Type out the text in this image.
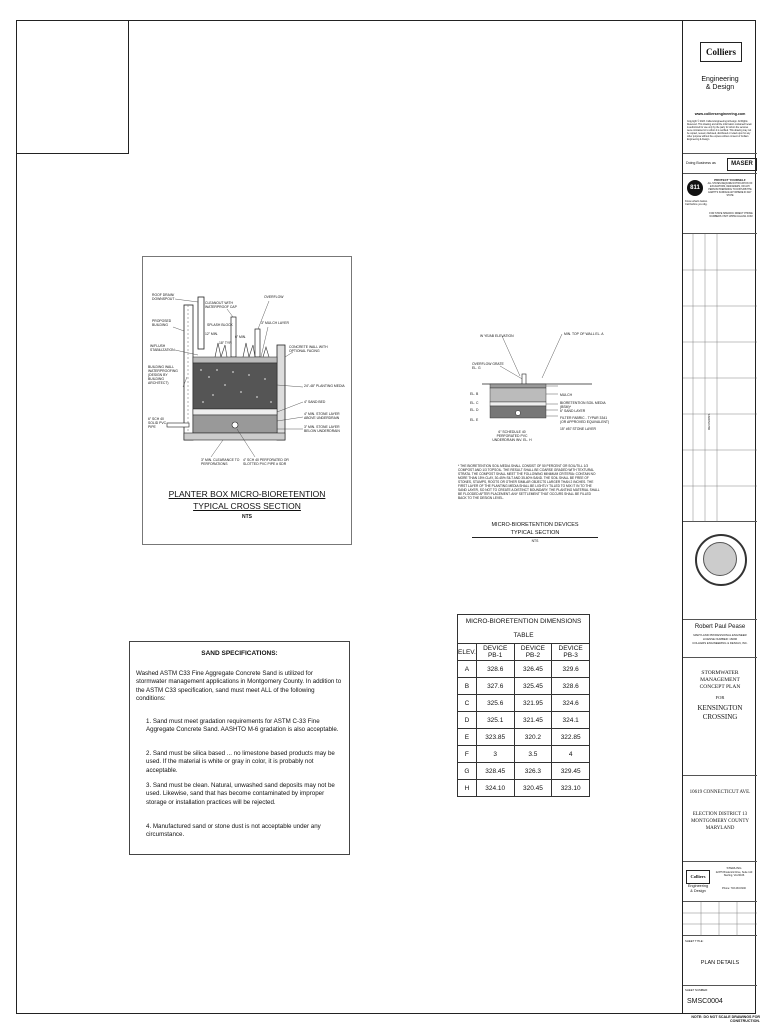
ROOF DRAIN/ DOWNSPOUT
CLEANOUT WITH WATERPROOF CAP
OVERFLOW
PROPOSED BUILDING	SPLASH BLOCK	3" MULCH LAYER
W/FLUSH STABILIZATION
CONCRETE WALL WITH OPTIONAL FACING
BUILDING WALL WATERPROOFING (DESIGN BY BUILDING ARCHITECT)
24"-48" PLANTING MEDIA
4" SAND BED
4" MIN. STONE LAYER ABOVE UNDERDRAIN
6" SCH 40 SOLID PVC PIPE	3" MIN. STONE LAYER BELOW UNDERDRAIN
3" MIN. CLEARANCE TO PERFORATIONS
4" SCH 40 PERFORATED OR SLOTTED PVC PIPE # SDR
12" MIN.
6" MIN.
18" TYP.
PLANTER BOX MICRO-BIORETENTION
TYPICAL CROSS SECTION
NTS
W YE/AB ELEVATION	MIN. TOP OF WALL EL. A
OVERFLOW GRATE EL. G
EL. B
EL. C
EL. D
EL. E
MULCH
BIORETENTION SOIL MEDIA (BSM)*
6" SAND LAYER
FILTER FABRIC - TYPAR 3341 (OR APPROVED EQUIVALENT)
15" #57 STONE LAYER
6" SCHEDULE 40 PERFORATED PVC UNDERDRAIN INV. EL. H
* THE BIORETENTION SOIL MEDIA SHALL CONSIST OF 50 PERCENT OR SOIL/TILL 1/3 COMPOST AND 1/3 TOPSOIL. THE RESULT SHALL BE COARSE GRADED WITH TEXTURAL STRATA. THE COMPOST SHALL MEET THE FOLLOWING MINIMUM CRITERIA: CONTAIN NO MORE THAN 15% CLAY, 30-45% SILT AND 35-60% SAND. THE SOIL SHALL BE FREE OF STONES, STUMPS, ROOTS OR OTHER SIMILAR OBJECTS LARGER THAN 2 INCHES. THE FIRST LAYER OF THE PLANTING MEDIA SHALL BE LIGHTLY TILLED TO MIX IT IN TO THE SAND LAYER, SO NOT TO CREATE A DISTINCT BOUNDARY. THE PLANTING MATERIAL SHALL BE FLOODED AFTER PLACEMENT. ANY SETTLEMENT THAT OCCURS SHALL BE FILLED BACK TO THE DESIGN LEVEL.
MICRO-BIORETENTION DEVICES
TYPICAL SECTION
NTS
MICRO-BIORETENTION DIMENSIONS TABLE
ELEV.	DEVICE PB-1	DEVICE PB-2	DEVICE PB-3
A	328.6	326.45	329.6
B	327.6	325.45	328.6
C	325.6	321.95	324.6
D	325.1	321.45	324.1
E	323.85	320.2	322.85
F	3	3.5	4
G	328.45	326.3	329.45
H	324.10	320.45	323.10
SAND SPECIFICATIONS:
Washed ASTM C33 Fine Aggregate Concrete Sand is utilized for stormwater management applications in Montgomery County. In addition to the ASTM C33 specification, sand must meet ALL of the following conditions:
1. Sand must meet gradation requirements for ASTM C-33 Fine Aggregate Concrete Sand. AASHTO M-6 gradation is also acceptable.
2. Sand must be silica based ... no limestone based products may be used. If the material is white or gray in color, it is probably not acceptable.
3. Sand must be clean. Natural, unwashed sand deposits may not be used. Likewise, sand that has become contaminated by improper storage or installation practices will be rejected.
4. Manufactured sand or stone dust is not acceptable under any circumstance.
Colliers
Engineering
& Design
www.colliersengineering.com
Copyright © 2023. Colliers Engineering & Design. All Rights Reserved. This drawing and all the information contained herein is authorized for use only by the party for whom the services were contracted or to whom it is certified. This drawing may not be copied, reused, disclosed, distributed or relied upon for any other purpose without the express written consent of Colliers Engineering & Design.
Doing Business as	MASER
811
PROTECT YOURSELF
ALL STATES REQUIRE NOTIFICATION OF EXCAVATORS, DESIGNERS, OR ANY PERSON PREPARING TO DISTURB THE EARTH'S SURFACE ANYWHERE IN ANY STATE
Know what's below. Call before you dig.
FOR STATE SPECIFIC DIRECT PHONE NUMBERS VISIT: WWW.CALL811.COM
REVISIONS
Robert Paul Pease
MARYLAND PROFESSIONAL ENGINEER
LICENSE NUMBER: 16096
COLLIERS ENGINEERING & DESIGN, INC.
STORMWATER
MANAGEMENT
CONCEPT PLAN
FOR
KENSINGTON
CROSSING
10619 CONNECTICUT AVE.
ELECTION DISTRICT 13
MONTGOMERY COUNTY
MARYLAND
Colliers
Engineering
& Design
STERLING
22375 Broderick Drive, Suite 110 Sterling, VA 20166
Phone: 703.433.8100
SHEET TITLE:
PLAN DETAILS
SHEET NUMBER:
SMSC0004
NOTE: DO NOT SCALE DRAWINGS FOR CONSTRUCTION.
